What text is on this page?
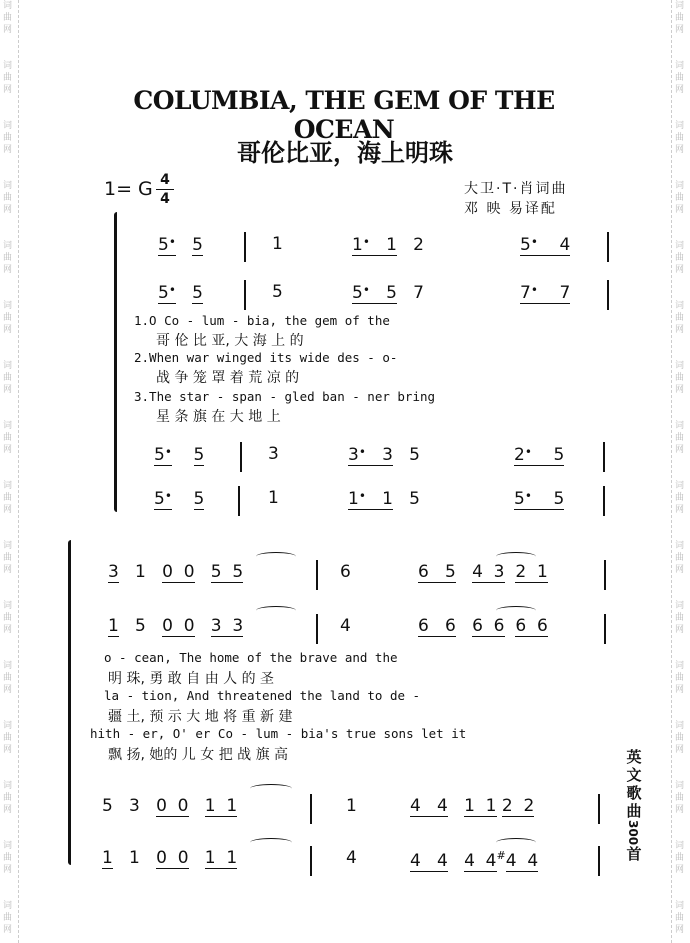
词
曲
网
词
曲
网
词
曲
网
词
曲
网
词
曲
网
词
曲
网
词
曲
网
词
曲
网
词
曲
网
词
曲
网
词
曲
网
词
曲
网
词
曲
网
词
曲
网
词
曲
网
词
曲
网
词
曲
网
词
曲
网
词
曲
网
词
曲
网
词
曲
网
词
曲
网
词
曲
网
词
曲
网
词
曲
网
词
曲
网
词
曲
网
词
曲
网
词
曲
网
词
曲
网
词
曲
网
词
曲
网
COLUMBIA, THE GEM OF THE OCEAN
哥伦比亚，海上明珠
1= G 4
4
大卫·T·肖词曲
邓 映 易译配
5• 5	1	1•   1   2	5•    4
5• 5	5	5•   5   7	7•    7
1.O Co - lum - bia, the gem of the
哥 伦 比 亚, 大 海 上 的
2.When war winged its wide des - o-
战 争 笼 罩 着 荒 凉 的
3.The star - span - gled ban - ner bring
星 条 旗 在 大 地 上
5• 5	3	3•   3   5	2•    5
5• 5	1	1•   1   5	5•    5
3   1   0  0 5  5	6	6   5 4  3 2  1
1   5   0  0 3  3	4	6   6 6  6 6  6
o - cean, The home of the brave and the
明 珠, 勇 敢 自 由 人 的 圣
la - tion, And threatened the land to de -
疆 土, 预 示 大 地 将 重 新 建
hith - er, O' er Co - lum - bia's true sons let it
飘 扬, 她的 儿 女 把 战 旗 高
5   3   0  0 1  1	1	4   4 1  1 2  2
1   1   0  0 1  1	4	4   4 4  4#4  4
英
文
歌
曲
300
首
